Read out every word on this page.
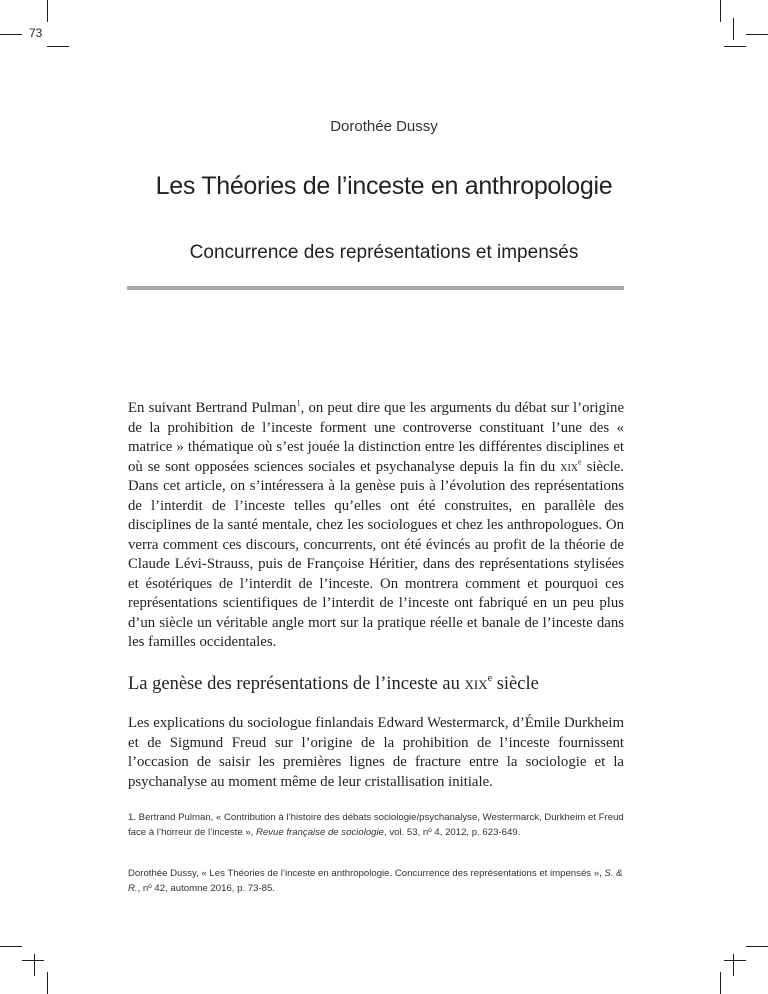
73
Dorothée Dussy
Les Théories de l’inceste en anthropologie
Concurrence des représentations et impensés

En suivant Bertrand Pulman$^1$, on peut dire que les arguments du débat sur l’origine de la prohibition de l’inceste forment une controverse constituant l’une des « matrice » thématique où s’est jouée la distinction entre les différentes disciplines et où se sont opposées sciences sociales et psychanalyse depuis la fin du xix$^e$ siècle. Dans cet article, on s’intéressera à la genèse puis à l’évolution des représentations de l’interdit de l’inceste telles qu’elles ont été construites, en parallèle des disciplines de la santé mentale, chez les sociologues et chez les anthropologues. On verra comment ces discours, concurrents, ont été évincés au profit de la théorie de Claude Lévi-Strauss, puis de Françoise Héritier, dans des représentations stylisées et ésotériques de l’interdit de l’inceste. On montrera comment et pourquoi ces représentations scientifiques de l’interdit de l’inceste ont fabriqué en un peu plus d’un siècle un véritable angle mort sur la pratique réelle et banale de l’inceste dans les familles occidentales.

La genèse des représentations de l’inceste au xix$^e$ siècle

Les explications du sociologue finlandais Edward Westermarck, d’Émile Durkheim et de Sigmund Freud sur l’origine de la prohibition de l’inceste fournissent l’occasion de saisir les premières lignes de fracture entre la sociologie et la psychanalyse au moment même de leur cristallisation initiale.

1. Bertrand Pulman, « Contribution à l’histoire des débats sociologie/psychanalyse, Westermarck, Durkheim et Freud face à l’horreur de l’inceste », Revue française de sociologie, vol. 53, nº 4, 2012, p. 623-649.
Dorothée Dussy, « Les Théories de l’inceste en anthropologie. Concurrence des représentations et impensés », S. & R., nº 42, automne 2016, p. 73-85.
